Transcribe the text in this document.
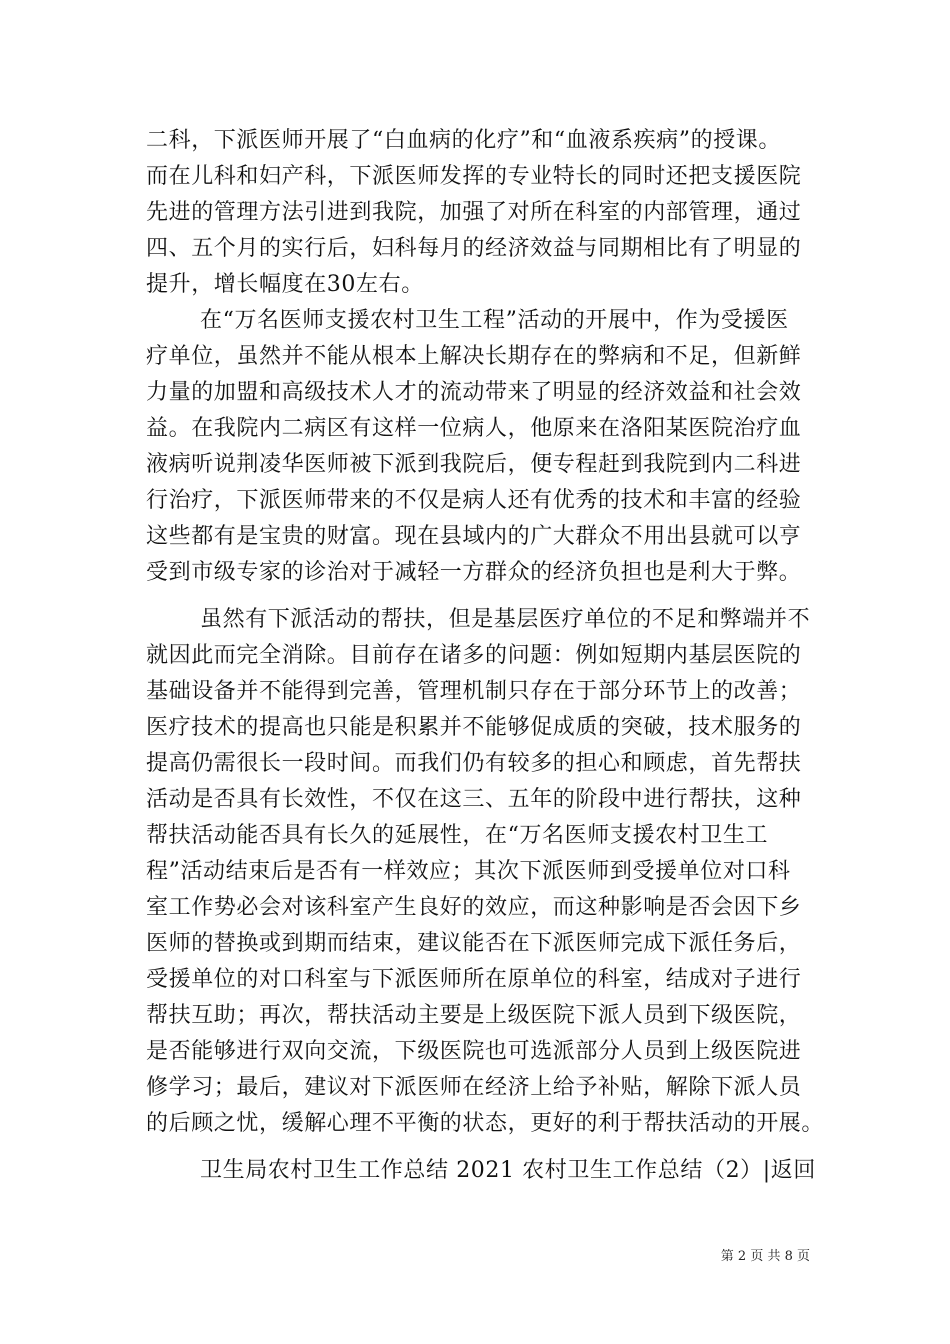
二科，下派医师开展了“白血病的化疗”和“血液系疾病”的授课。
而在儿科和妇产科，下派医师发挥的专业特长的同时还把支援医院
先进的管理方法引进到我院，加强了对所在科室的内部管理，通过
四、五个月的实行后，妇科每月的经济效益与同期相比有了明显的
提升，增长幅度在30左右。
在“万名医师支援农村卫生工程”活动的开展中，作为受援医
疗单位，虽然并不能从根本上解决长期存在的弊病和不足，但新鲜
力量的加盟和高级技术人才的流动带来了明显的经济效益和社会效
益。在我院内二病区有这样一位病人，他原来在洛阳某医院治疗血
液病听说荆凌华医师被下派到我院后，便专程赶到我院到内二科进
行治疗，下派医师带来的不仅是病人还有优秀的技术和丰富的经验
这些都有是宝贵的财富。现在县域内的广大群众不用出县就可以亨
受到市级专家的诊治对于减轻一方群众的经济负担也是利大于弊。
虽然有下派活动的帮扶，但是基层医疗单位的不足和弊端并不
就因此而完全消除。目前存在诸多的问题：例如短期内基层医院的
基础设备并不能得到完善，管理机制只存在于部分环节上的改善；
医疗技术的提高也只能是积累并不能够促成质的突破，技术服务的
提高仍需很长一段时间。而我们仍有较多的担心和顾虑，首先帮扶
活动是否具有长效性，不仅在这三、五年的阶段中进行帮扶，这种
帮扶活动能否具有长久的延展性，在“万名医师支援农村卫生工
程”活动结束后是否有一样效应；其次下派医师到受援单位对口科
室工作势必会对该科室产生良好的效应，而这种影响是否会因下乡
医师的替换或到期而结束，建议能否在下派医师完成下派任务后，
受援单位的对口科室与下派医师所在原单位的科室，结成对子进行
帮扶互助；再次，帮扶活动主要是上级医院下派人员到下级医院，
是否能够进行双向交流，下级医院也可选派部分人员到上级医院进
修学习；最后，建议对下派医师在经济上给予补贴，解除下派人员
的后顾之忧，缓解心理不平衡的状态，更好的利于帮扶活动的开展。
卫生局农村卫生工作总结 2021 农村卫生工作总结（2）|返回
第 2 页 共 8 页
